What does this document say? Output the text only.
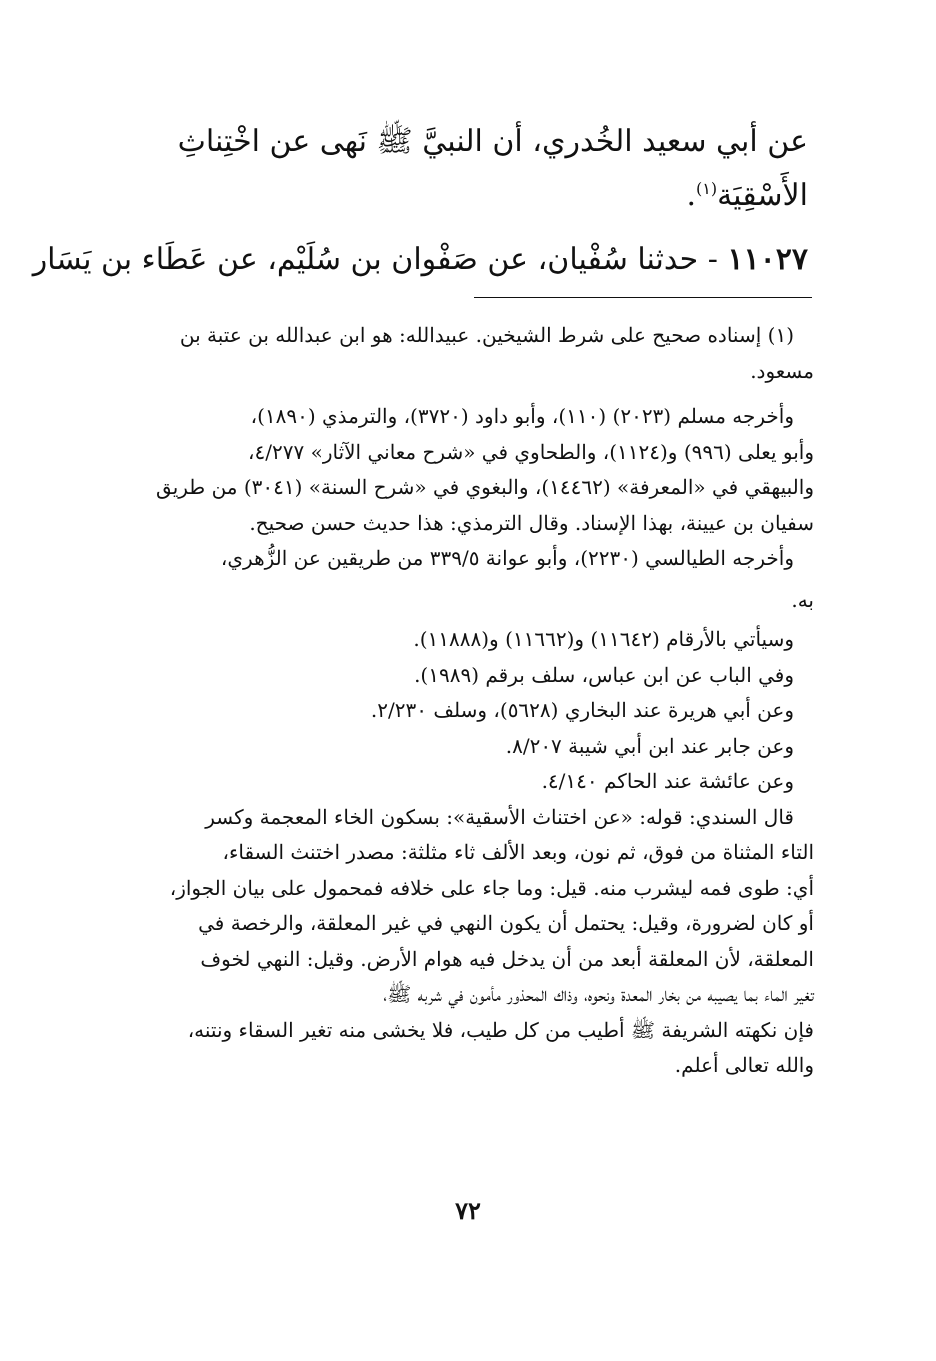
عن أبي سعيد الخُدري، أن النبيَّ ﷺ نَهى عن اخْتِناثِ
الأَسْقِيَة$^{(١)}$.
١١٠٢٧ - حدثنا سُفْيان، عن صَفْوان بن سُلَيْم، عن عَطَاء بن يَسَار
(١) إسناده صحيح على شرط الشيخين. عبيدالله: هو ابن عبدالله بن عتبة بن
مسعود.
وأخرجه مسلم (٢٠٢٣) (١١٠)، وأبو داود (٣٧٢٠)، والترمذي (١٨٩٠)،
وأبو يعلى (٩٩٦) و(١١٢٤)، والطحاوي في «شرح معاني الآثار» ٤/٢٧٧،
والبيهقي في «المعرفة» (١٤٤٦٢)، والبغوي في «شرح السنة» (٣٠٤١) من طريق
سفيان بن عيينة، بهذا الإسناد. وقال الترمذي: هذا حديث حسن صحيح.
وأخرجه الطيالسي (٢٢٣٠)، وأبو عوانة ٣٣٩/٥ من طريقين عن الزُّهري،
به.
وسيأتي بالأرقام (١١٦٤٢) و(١١٦٦٢) و(١١٨٨٨).
وفي الباب عن ابن عباس، سلف برقم (١٩٨٩).
وعن أبي هريرة عند البخاري (٥٦٢٨)، وسلف ٢/٢٣٠.
وعن جابر عند ابن أبي شيبة ٨/٢٠٧.
وعن عائشة عند الحاكم ٤/١٤٠.
قال السندي: قوله: «عن اختناث الأسقية»: بسكون الخاء المعجمة وكسر
التاء المثناة من فوق، ثم نون، وبعد الألف ثاء مثلثة: مصدر اختنث السقاء،
أي: طوى فمه ليشرب منه. قيل: وما جاء على خلافه فمحمول على بيان الجواز،
أو كان لضرورة، وقيل: يحتمل أن يكون النهي في غير المعلقة، والرخصة في
المعلقة، لأن المعلقة أبعد من أن يدخل فيه هوام الأرض. وقيل: النهي لخوف
تغير الماء بما يصيبه من بخار المعدة ونحوه، وذاك المحذور مأمون في شربه ﷺ،
فإن نكهته الشريفة ﷺ أطيب من كل طيب، فلا يخشى منه تغير السقاء ونتنه،
والله تعالى أعلم.
٧٢
